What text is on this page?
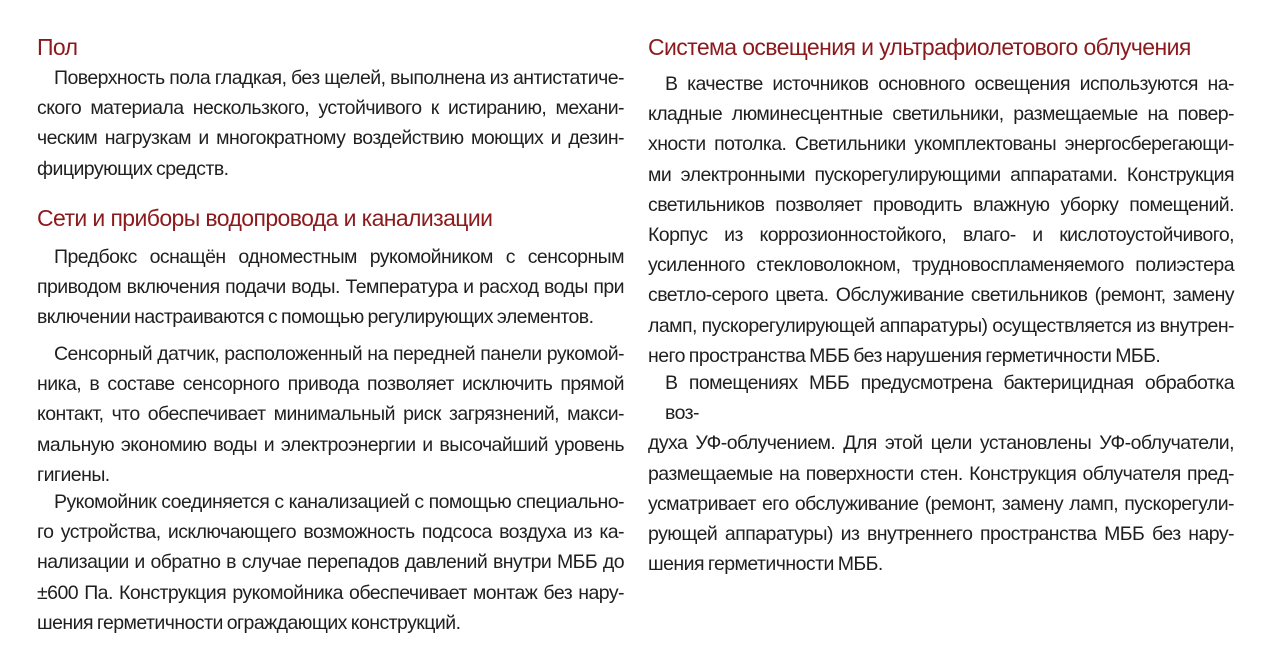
Пол
Поверхность пола гладкая, без щелей, выполнена из антистатиче-
ского материала нескользкого, устойчивого к истиранию, механи-
ческим нагрузкам и многократному воздействию моющих и дезин-
фицирующих средств.
Сети и приборы водопровода и канализации
Предбокс оснащён одноместным рукомойником с сенсорным
приводом включения подачи воды. Температура и расход воды при
включении настраиваются с помощью регулирующих элементов.
Сенсорный датчик, расположенный на передней панели рукомой-
ника, в составе сенсорного привода позволяет исключить прямой
контакт, что обеспечивает минимальный риск загрязнений, макси-
мальную экономию воды и электроэнергии и высочайший уровень
гигиены.
Рукомойник соединяется с канализацией с помощью специально-
го устройства, исключающего возможность подсоса воздуха из ка-
нализации и обратно в случае перепадов давлений внутри МББ до
±600 Па. Конструкция рукомойника обеспечивает монтаж без нару-
шения герметичности ограждающих конструкций.
Система освещения и ультрафиолетового облучения
В качестве источников основного освещения используются на-
кладные люминесцентные светильники, размещаемые на повер-
хности потолка. Светильники укомплектованы энергосберегающи-
ми электронными пускорегулирующими аппаратами. Конструкция
светильников позволяет проводить влажную уборку помещений.
Корпус из коррозионностойкого, влаго- и кислотоустойчивого,
усиленного стекловолокном, трудновоспламеняемого полиэстера
светло-серого цвета. Обслуживание светильников (ремонт, замену
ламп, пускорегулирующей аппаратуры) осуществляется из внутрен-
него пространства МББ без нарушения герметичности МББ.
В помещениях МББ предусмотрена бактерицидная обработка воз-
духа УФ-облучением. Для этой цели установлены УФ-облучатели,
размещаемые на поверхности стен. Конструкция облучателя пред-
усматривает его обслуживание (ремонт, замену ламп, пускорегули-
рующей аппаратуры) из внутреннего пространства МББ без нару-
шения герметичности МББ.
